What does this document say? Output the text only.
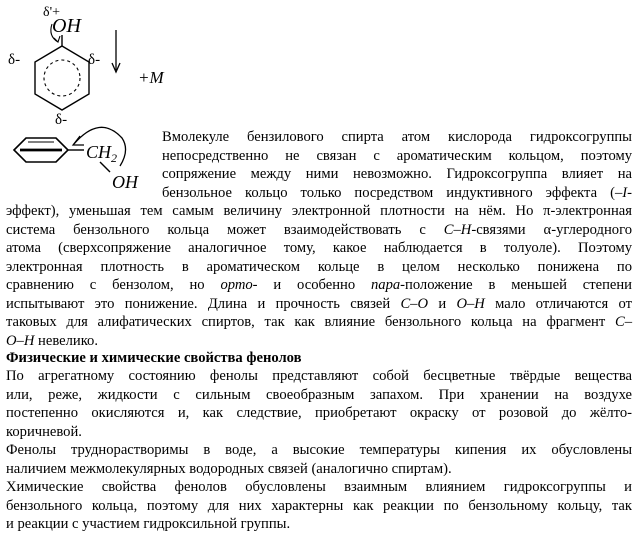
δ'+
OH
δ-	δ-
δ-
+M
$CH_2$
OH
Вмолекуле бензилового спирта атом кислорода гидроксогруппы
непосредственно не связан с ароматическим кольцом, поэтому
сопряжение между ними невозможно. Гидроксогруппа влияет на
бензольное кольцо только посредством индуктивного эффекта (–I-
эффект), уменьшая тем самым величину электронной плотности на нём. Но π-электронная
система бензольного кольца может взаимодействовать с C–H-связями α-углеродного
атома (сверхсопряжение аналогичное тому, какое наблюдается в толуоле). Поэтому
электронная плотность в ароматическом кольце в целом несколько понижена по
сравнению с бензолом, но орто- и особенно пара-положение в меньшей степени
испытывают это понижение. Длина и прочность связей C–O и O–H мало отличаются от
таковых для алифатических спиртов, так как влияние бензольного кольца на фрагмент C–
O–H невелико.
Физические и химические свойства фенолов
По агрегатному состоянию фенолы представляют собой бесцветные твёрдые вещества
или, реже, жидкости с сильным своеобразным запахом. При хранении на воздухе
постепенно окисляются и, как следствие, приобретают окраску от розовой до жёлто-
коричневой.
Фенолы труднорастворимы в воде, а высокие температуры кипения их обусловлены
наличием межмолекулярных водородных связей (аналогично спиртам).
Химические свойства фенолов обусловлены взаимным влиянием гидроксогруппы и
бензольного кольца, поэтому для них характерны как реакции по бензольному кольцу, так
и реакции с участием гидроксильной группы.
